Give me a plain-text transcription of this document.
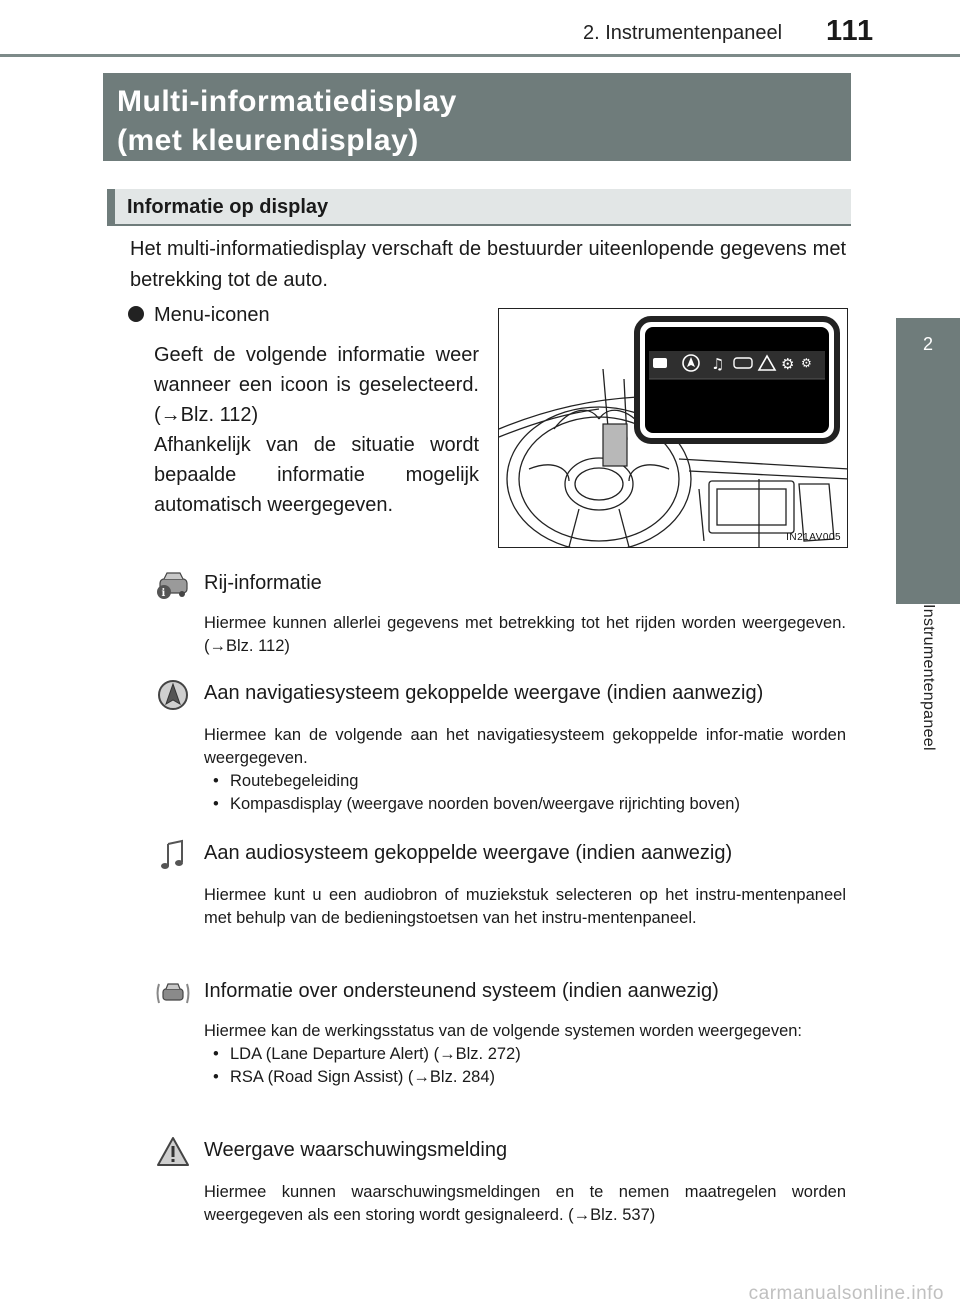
2. Instrumentenpaneel 111
2
Instrumentenpaneel
Multi-informatiedisplay
(met kleurendisplay)
Informatie op display
Het multi-informatiedisplay verschaft de bestuurder uiteenlopende gegevens met betrekking tot de auto.
Menu-iconen

Geeft de volgende informatie weer wanneer een icoon is geselecteerd. (→Blz. 112)

Afhankelijk van de situatie wordt bepaalde informatie mogelijk automatisch weergegeven.

♫	⚙ ⚙
IN21AV005
i Rij-informatie

Hiermee kunnen allerlei gegevens met betrekking tot het rijden worden weergegeven. (→Blz. 112)

Aan navigatiesysteem gekoppelde weergave (indien aanwezig)

Hiermee kan de volgende aan het navigatiesysteem gekoppelde infor-matie worden weergegeven.

• Routebegeleiding
• Kompasdisplay (weergave noorden boven/weergave rijrichting boven)
Aan audiosysteem gekoppelde weergave (indien aanwezig)

Hiermee kunt u een audiobron of muziekstuk selecteren op het instru-mentenpaneel met behulp van de bedieningstoetsen van het instru-mentenpaneel.

Informatie over ondersteunend systeem (indien aanwezig)

Hiermee kan de werkingsstatus van de volgende systemen worden weergegeven:

• LDA (Lane Departure Alert) (→Blz. 272)
• RSA (Road Sign Assist) (→Blz. 284)
Weergave waarschuwingsmelding

Hiermee kunnen waarschuwingsmeldingen en te nemen maatregelen worden weergegeven als een storing wordt gesignaleerd. (→Blz. 537)

carmanualsonline.info
